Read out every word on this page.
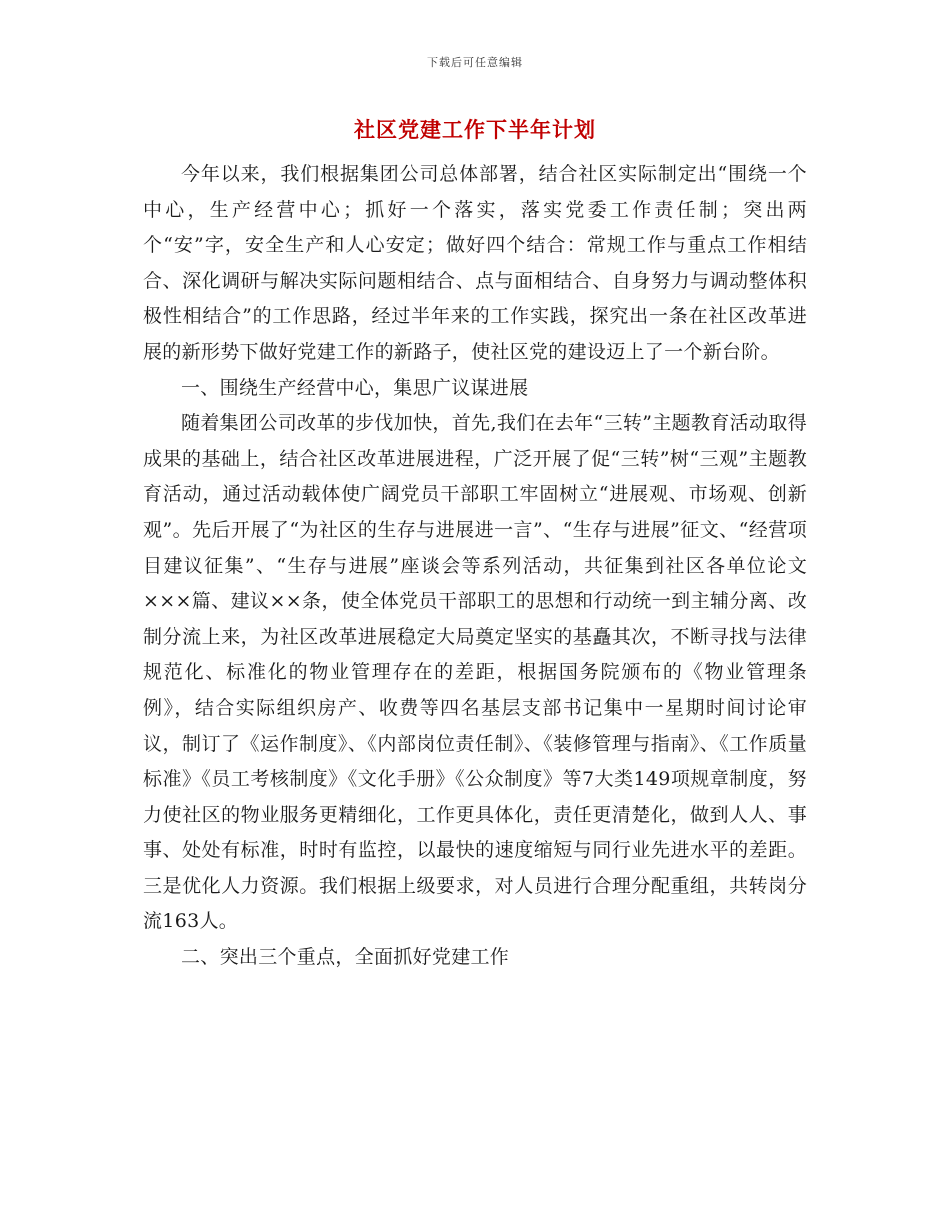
下载后可任意编辑
社区党建工作下半年计划

今年以来，我们根据集团公司总体部署，结合社区实际制定出“围绕一个中心，生产经营中心；抓好一个落实，落实党委工作责任制；突出两个“安”字，安全生产和人心安定；做好四个结合：常规工作与重点工作相结合、深化调研与解决实际问题相结合、点与面相结合、自身努力与调动整体积极性相结合”的工作思路，经过半年来的工作实践，探究出一条在社区改革进展的新形势下做好党建工作的新路子，使社区党的建设迈上了一个新台阶。

一、围绕生产经营中心，集思广议谋进展

随着集团公司改革的步伐加快，首先,我们在去年“三转”主题教育活动取得成果的基础上，结合社区改革进展进程，广泛开展了促“三转”树“三观”主题教育活动，通过活动载体使广阔党员干部职工牢固树立“进展观、市场观、创新观”。先后开展了“为社区的生存与进展进一言”、“生存与进展”征文、“经营项目建议征集”、“生存与进展”座谈会等系列活动，共征集到社区各单位论文×××篇、建议××条，使全体党员干部职工的思想和行动统一到主辅分离、改制分流上来，为社区改革进展稳定大局奠定坚实的基矗其次，不断寻找与法律规范化、标准化的物业管理存在的差距，根据国务院颁布的《物业管理条例》，结合实际组织房产、收费等四名基层支部书记集中一星期时间讨论审议，制订了《运作制度》、《内部岗位责任制》、《装修管理与指南》、《工作质量标准》《员工考核制度》《文化手册》《公众制度》等7大类149项规章制度，努力使社区的物业服务更精细化，工作更具体化，责任更清楚化，做到人人、事事、处处有标准，时时有监控，以最快的速度缩短与同行业先进水平的差距。三是优化人力资源。我们根据上级要求，对人员进行合理分配重组，共转岗分流163人。

二、突出三个重点，全面抓好党建工作
